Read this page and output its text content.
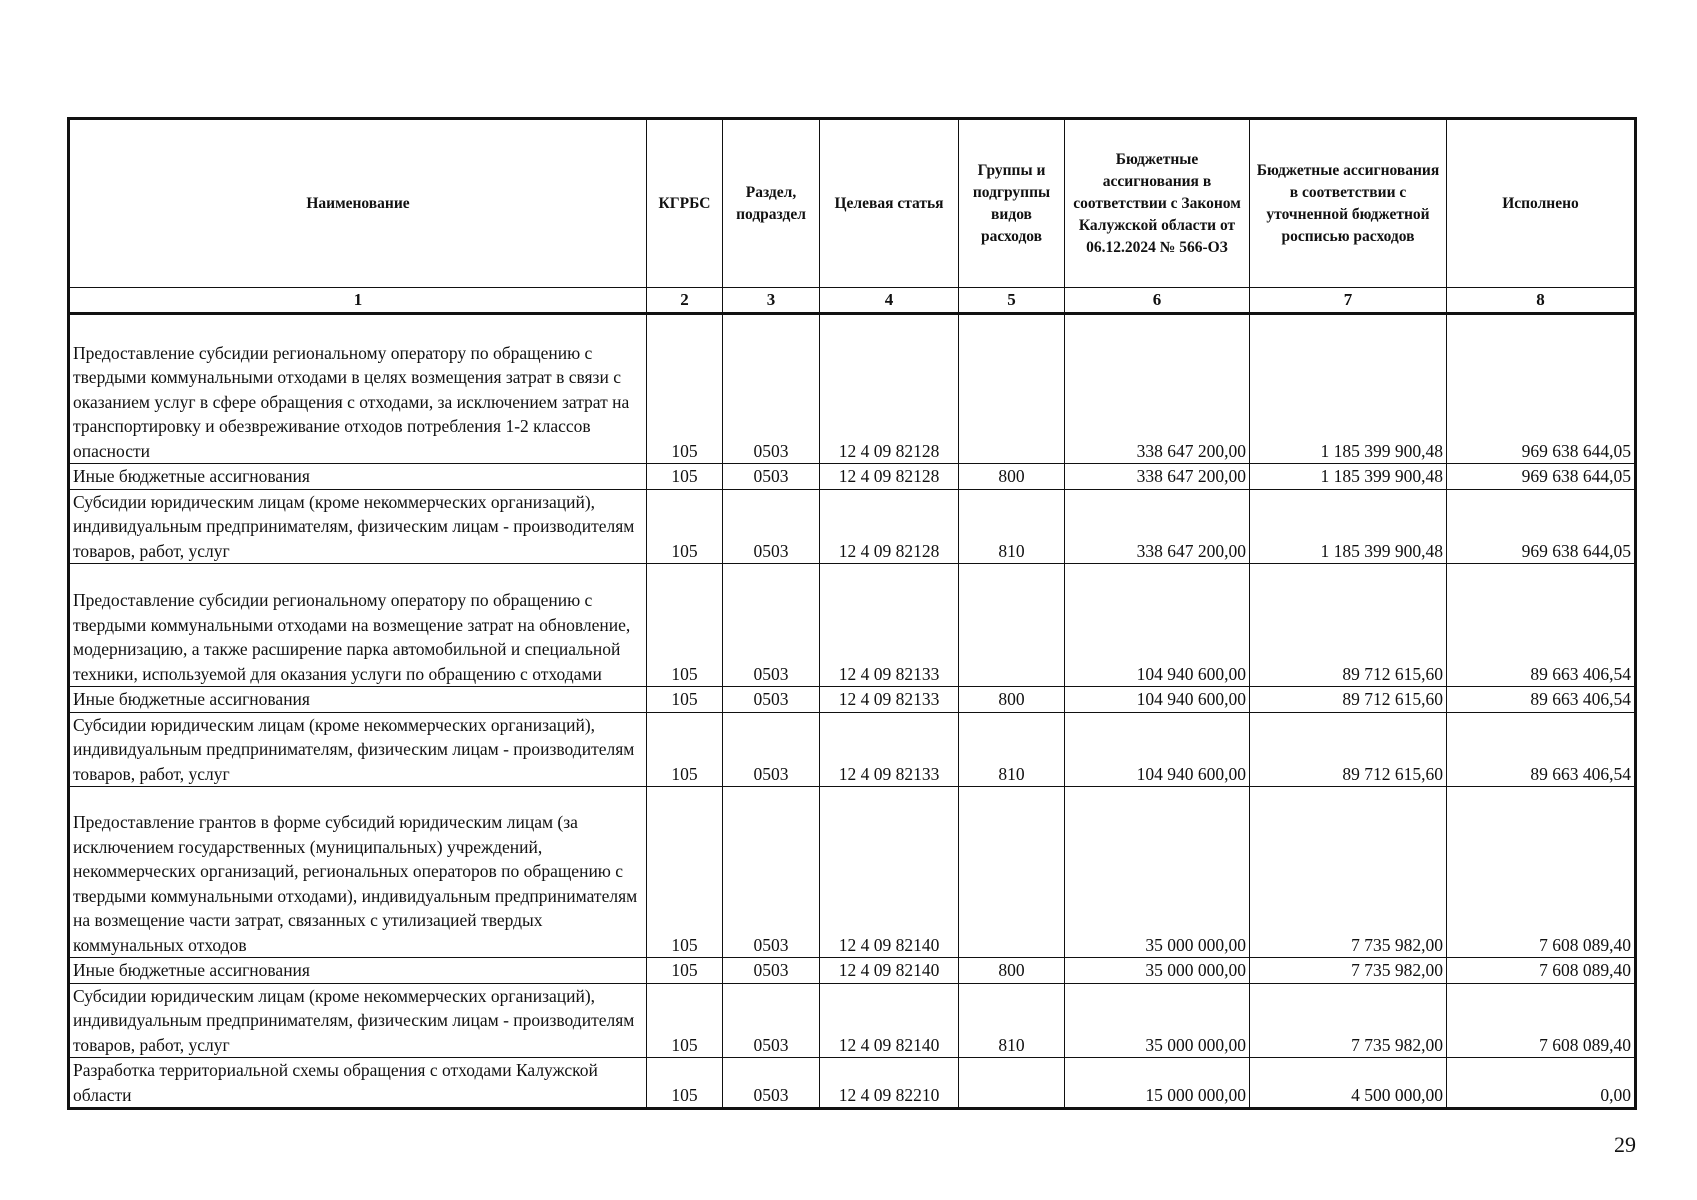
Наименование	КГРБС	Раздел, подраздел	Целевая статья	Группы и подгруппы видов расходов	Бюджетные ассигнования в соответствии с Законом Калужской области от 06.12.2024 № 566-ОЗ	Бюджетные ассигнования в соответствии с уточненной бюджетной росписью расходов	Исполнено
1	2	3	4	5	6	7	8
Предоставление субсидии региональному оператору по обращению с твердыми коммунальными отходами в целях возмещения затрат в связи с оказанием услуг в сфере обращения с отходами, за исключением затрат на транспортировку и обезвреживание отходов потребления 1-2 классов опасности	105	0503	12 4 09 82128		338 647 200,00	1 185 399 900,48	969 638 644,05
Иные бюджетные ассигнования	105	0503	12 4 09 82128	800	338 647 200,00	1 185 399 900,48	969 638 644,05
Субсидии юридическим лицам (кроме некоммерческих организаций), индивидуальным предпринимателям, физическим лицам - производителям товаров, работ, услуг	105	0503	12 4 09 82128	810	338 647 200,00	1 185 399 900,48	969 638 644,05
Предоставление субсидии региональному оператору по обращению с твердыми коммунальными отходами на возмещение затрат на обновление, модернизацию, а также расширение парка автомобильной и специальной техники, используемой для оказания услуги по обращению с отходами	105	0503	12 4 09 82133		104 940 600,00	89 712 615,60	89 663 406,54
Иные бюджетные ассигнования	105	0503	12 4 09 82133	800	104 940 600,00	89 712 615,60	89 663 406,54
Субсидии юридическим лицам (кроме некоммерческих организаций), индивидуальным предпринимателям, физическим лицам - производителям товаров, работ, услуг	105	0503	12 4 09 82133	810	104 940 600,00	89 712 615,60	89 663 406,54
Предоставление грантов в форме субсидий юридическим лицам (за исключением государственных (муниципальных) учреждений, некоммерческих организаций, региональных операторов по обращению с твердыми коммунальными отходами), индивидуальным предпринимателям на возмещение части затрат, связанных с утилизацией твердых коммунальных отходов	105	0503	12 4 09 82140		35 000 000,00	7 735 982,00	7 608 089,40
Иные бюджетные ассигнования	105	0503	12 4 09 82140	800	35 000 000,00	7 735 982,00	7 608 089,40
Субсидии юридическим лицам (кроме некоммерческих организаций), индивидуальным предпринимателям, физическим лицам - производителям товаров, работ, услуг	105	0503	12 4 09 82140	810	35 000 000,00	7 735 982,00	7 608 089,40
Разработка территориальной схемы обращения с отходами Калужской области	105	0503	12 4 09 82210		15 000 000,00	4 500 000,00	0,00
29
